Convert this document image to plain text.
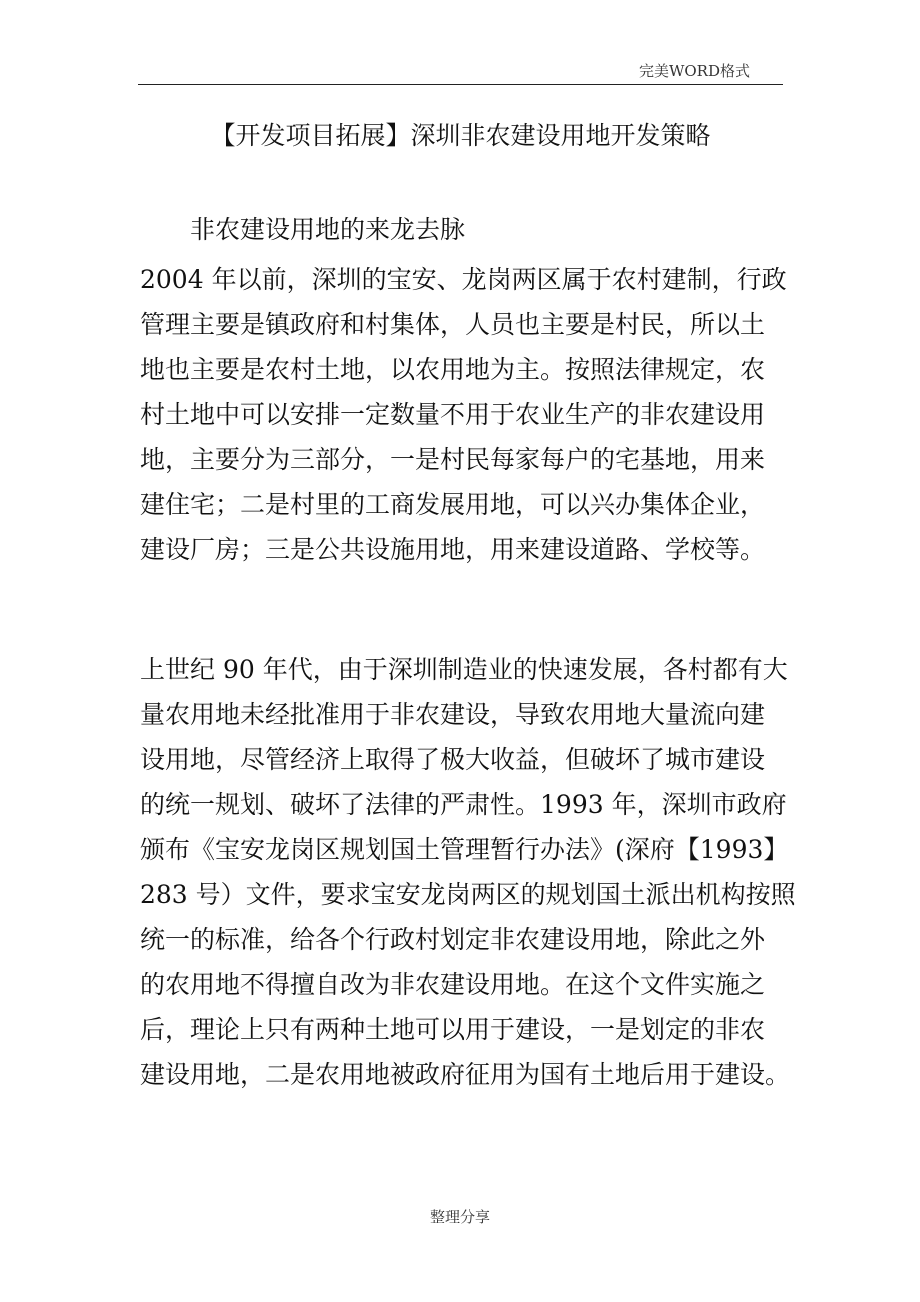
完美WORD格式
【开发项目拓展】深圳非农建设用地开发策略
非农建设用地的来龙去脉
2004 年以前，深圳的宝安、龙岗两区属于农村建制，行政
管理主要是镇政府和村集体，人员也主要是村民，所以土
地也主要是农村土地，以农用地为主。按照法律规定，农
村土地中可以安排一定数量不用于农业生产的非农建设用
地，主要分为三部分，一是村民每家每户的宅基地，用来
建住宅；二是村里的工商发展用地，可以兴办集体企业，
建设厂房；三是公共设施用地，用来建设道路、学校等。
上世纪 90 年代，由于深圳制造业的快速发展，各村都有大
量农用地未经批准用于非农建设，导致农用地大量流向建
设用地，尽管经济上取得了极大收益，但破坏了城市建设
的统一规划、破坏了法律的严肃性。1993 年，深圳市政府
颁布《宝安龙岗区规划国土管理暂行办法》(深府【1993】
283 号）文件，要求宝安龙岗两区的规划国土派出机构按照
统一的标准，给各个行政村划定非农建设用地，除此之外
的农用地不得擅自改为非农建设用地。在这个文件实施之
后，理论上只有两种土地可以用于建设，一是划定的非农
建设用地，二是农用地被政府征用为国有土地后用于建设。
整理分享
